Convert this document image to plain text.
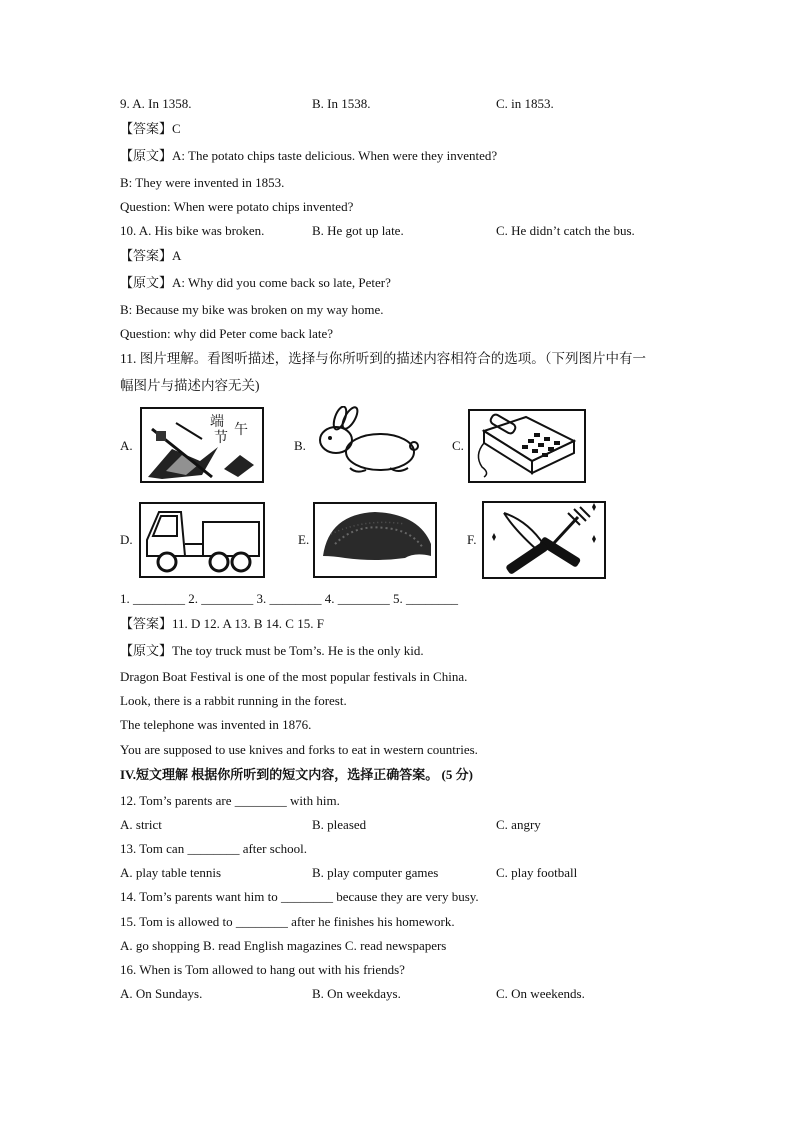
9. A. In 1358.	B. In 1538.	C. in 1853.
【答案】C
【原文】A: The potato chips taste delicious. When were they invented?
B: They were invented in 1853.
Question: When were potato chips invented?
10. A. His bike was broken.	B. He got up late.	C. He didn’t catch the bus.
【答案】A
【原文】A: Why did you come back so late, Peter?
B: Because my bike was broken on my way home.
Question: why did Peter come back late?
11. 图片理解。看图听描述，选择与你所听到的描述内容相符合的选项。（下列图片中有一
幅图片与描述内容无关)
A.
端 午
节	B.	C.
D.	E.	F.
1. ________ 2. ________ 3. ________ 4. ________ 5. ________
【答案】11. D 12. A 13. B 14. C 15. F
【原文】The toy truck must be Tom’s. He is the only kid.
Dragon Boat Festival is one of the most popular festivals in China.
Look, there is a rabbit running in the forest.
The telephone was invented in 1876.
You are supposed to use knives and forks to eat in western countries.
IV.短文理解 根据你所听到的短文内容，选择正确答案。 (5 分)
12. Tom’s parents are ________ with him.
A. strict	B. pleased	C. angry
13. Tom can ________ after school.
A. play table tennis	B. play computer games	C. play football
14. Tom’s parents want him to ________ because they are very busy.
15. Tom is allowed to ________ after he finishes his homework.
A. go shopping B. read English magazines C. read newspapers
16. When is Tom allowed to hang out with his friends?
A. On Sundays.	B. On weekdays.	C. On weekends.
